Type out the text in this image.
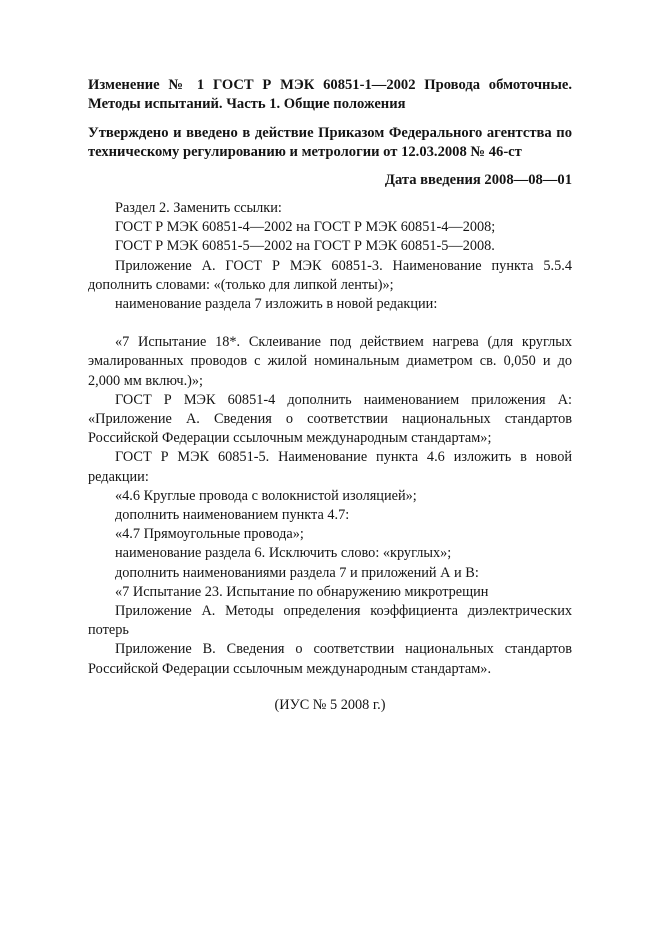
Изменение № 1 ГОСТ Р МЭК 60851-1—2002 Провода обмоточные. Методы испытаний. Часть 1. Общие положения

Утверждено и введено в действие Приказом Федерального агентства по техническому регулированию и метрологии от 12.03.2008 № 46-ст

Дата введения 2008—08—01

Раздел 2. Заменить ссылки:

ГОСТ Р МЭК 60851-4—2002 на ГОСТ Р МЭК 60851-4—2008;

ГОСТ Р МЭК 60851-5—2002 на ГОСТ Р МЭК 60851-5—2008.

Приложение А. ГОСТ Р МЭК 60851-3. Наименование пункта 5.5.4 дополнить словами: «(только для липкой ленты)»;

наименование раздела 7 изложить в новой редакции:

«7 Испытание 18*. Склеивание под действием нагрева (для круглых эмалированных проводов с жилой номинальным диаметром св. 0,050 и до 2,000 мм включ.)»;

ГОСТ Р МЭК 60851-4 дополнить наименованием приложения А: «Приложение А. Сведения о соответствии национальных стандартов Российской Федерации ссылочным международным стандартам»;

ГОСТ Р МЭК 60851-5. Наименование пункта 4.6 изложить в новой редакции:

«4.6 Круглые провода с волокнистой изоляцией»;

дополнить наименованием пункта 4.7:

«4.7 Прямоугольные провода»;

наименование раздела 6. Исключить слово: «круглых»;

дополнить наименованиями раздела 7 и приложений А и В:

«7 Испытание 23. Испытание по обнаружению микротрещин

Приложение А. Методы определения коэффициента диэлектрических потерь

Приложение В. Сведения о соответствии национальных стандартов Российской Федерации ссылочным международным стандартам».

(ИУС № 5 2008 г.)
